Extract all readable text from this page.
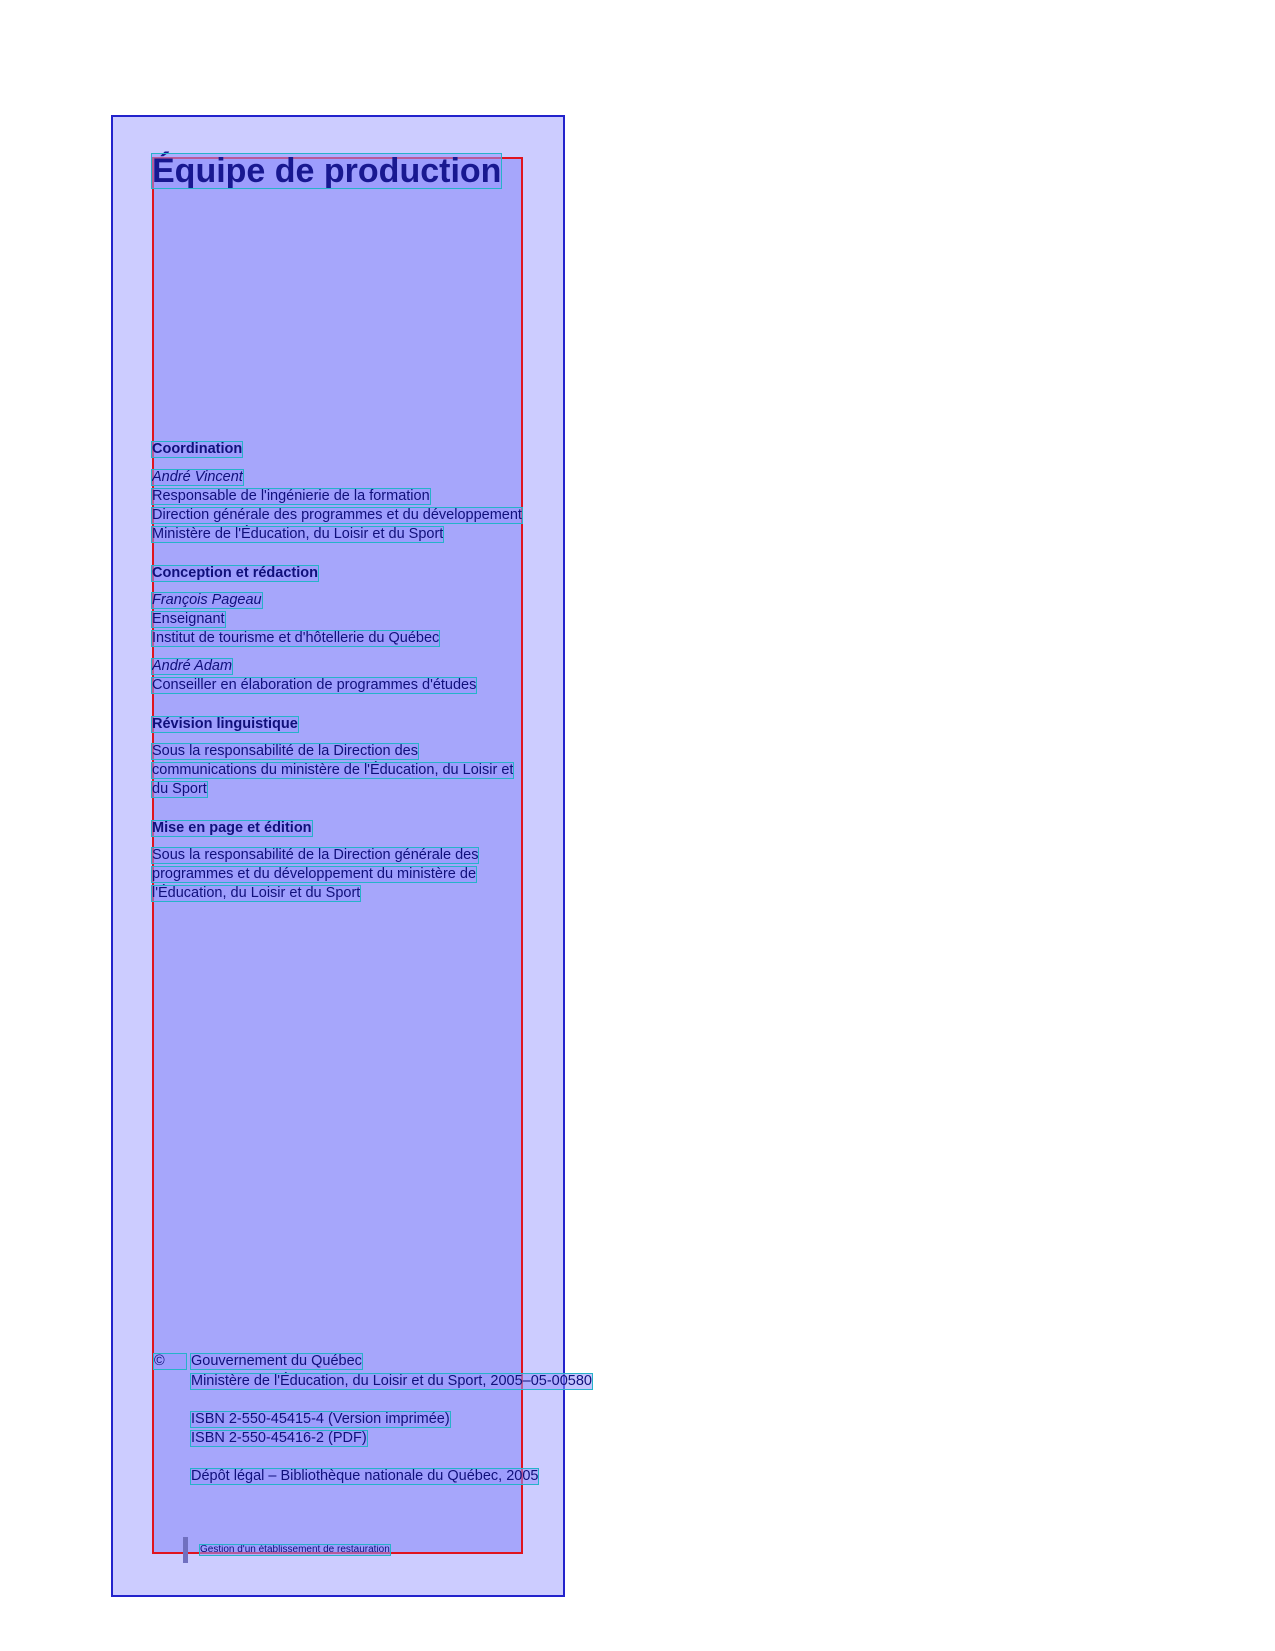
Équipe de production
Coordination
André Vincent
Responsable de l'ingénierie de la formation
Direction générale des programmes et du développement
Ministère de l'Éducation, du Loisir et du Sport
Conception et rédaction
François Pageau
Enseignant
Institut de tourisme et d'hôtellerie du Québec
André Adam
Conseiller en élaboration de programmes d'études
Révision linguistique
Sous la responsabilité de la Direction des
communications du ministère de l'Éducation, du Loisir et
du Sport
Mise en page et édition
Sous la responsabilité de la Direction générale des
programmes et du développement du ministère de
l'Éducation, du Loisir et du Sport
©	Gouvernement du Québec
Ministère de l'Éducation, du Loisir et du Sport, 2005–05-00580
ISBN 2-550-45415-4 (Version imprimée)
ISBN 2-550-45416-2 (PDF)
Dépôt légal – Bibliothèque nationale du Québec, 2005
Gestion d'un établissement de restauration
